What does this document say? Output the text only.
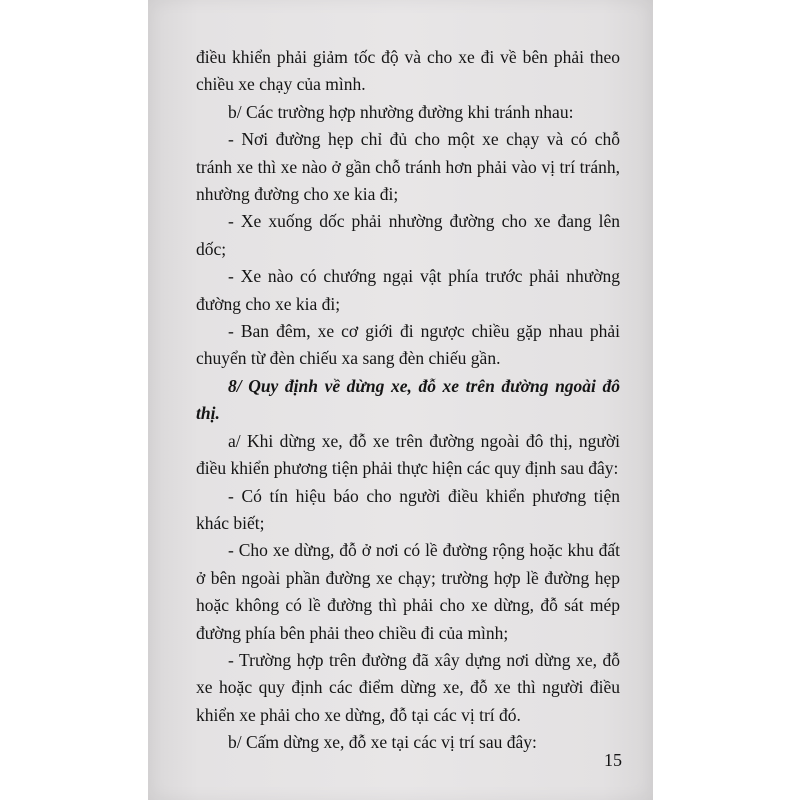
điều khiển phải giảm tốc độ và cho xe đi về bên phải theo chiều xe chạy của mình.

b/ Các trường hợp nhường đường khi tránh nhau:

- Nơi đường hẹp chỉ đủ cho một xe chạy và có chỗ tránh xe thì xe nào ở gần chỗ tránh hơn phải vào vị trí tránh, nhường đường cho xe kia đi;

- Xe xuống dốc phải nhường đường cho xe đang lên dốc;

- Xe nào có chướng ngại vật phía trước phải nhường đường cho xe kia đi;

- Ban đêm, xe cơ giới đi ngược chiều gặp nhau phải chuyển từ đèn chiếu xa sang đèn chiếu gần.

8/ Quy định về dừng xe, đỗ xe trên đường ngoài đô thị.

a/ Khi dừng xe, đỗ xe trên đường ngoài đô thị, người điều khiển phương tiện phải thực hiện các quy định sau đây:

- Có tín hiệu báo cho người điều khiển phương tiện khác biết;

- Cho xe dừng, đỗ ở nơi có lề đường rộng hoặc khu đất ở bên ngoài phần đường xe chạy; trường hợp lề đường hẹp hoặc không có lề đường thì phải cho xe dừng, đỗ sát mép đường phía bên phải theo chiều đi của mình;

- Trường hợp trên đường đã xây dựng nơi dừng xe, đỗ xe hoặc quy định các điểm dừng xe, đỗ xe thì người điều khiển xe phải cho xe dừng, đỗ tại các vị trí đó.

b/ Cấm dừng xe, đỗ xe tại các vị trí sau đây:

15
